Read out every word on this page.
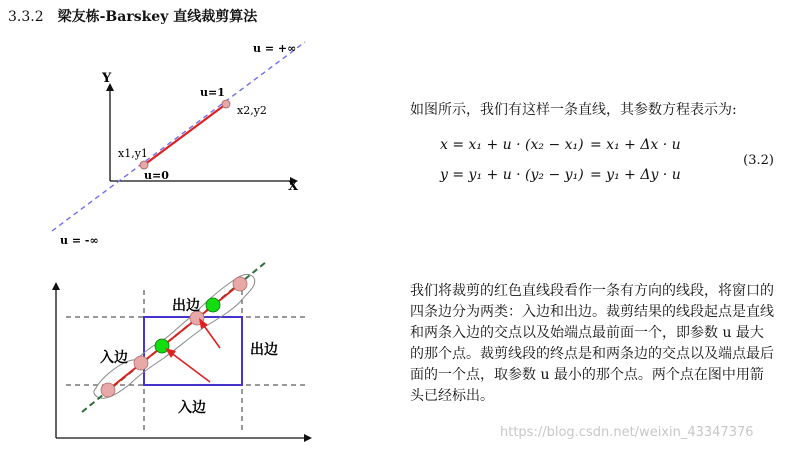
3.3.2 梁友栋-Barskey 直线裁剪算法
Y
X
u = +∞
u = -∞
u=1
u=0
x1,y1
x2,y2
出边
出边
入边
入边
如图所示，我们有这样一条直线，其参数方程表示为:
x = x₁ + u · (x₂ − x₁) = x₁ + Δx · u
y = y₁ + u · (y₂ − y₁) = y₁ + Δy · u
(3.2)
我们将裁剪的红色直线段看作一条有方向的线段，将窗口的四条边分为两类：入边和出边。裁剪结果的线段起点是直线和两条入边的交点以及始端点最前面一个，即参数 u 最大的那个点。裁剪线段的终点是和两条边的交点以及端点最后面的一个点，取参数 u 最小的那个点。两个点在图中用箭头已经标出。
https://blog.csdn.net/weixin_43347376
